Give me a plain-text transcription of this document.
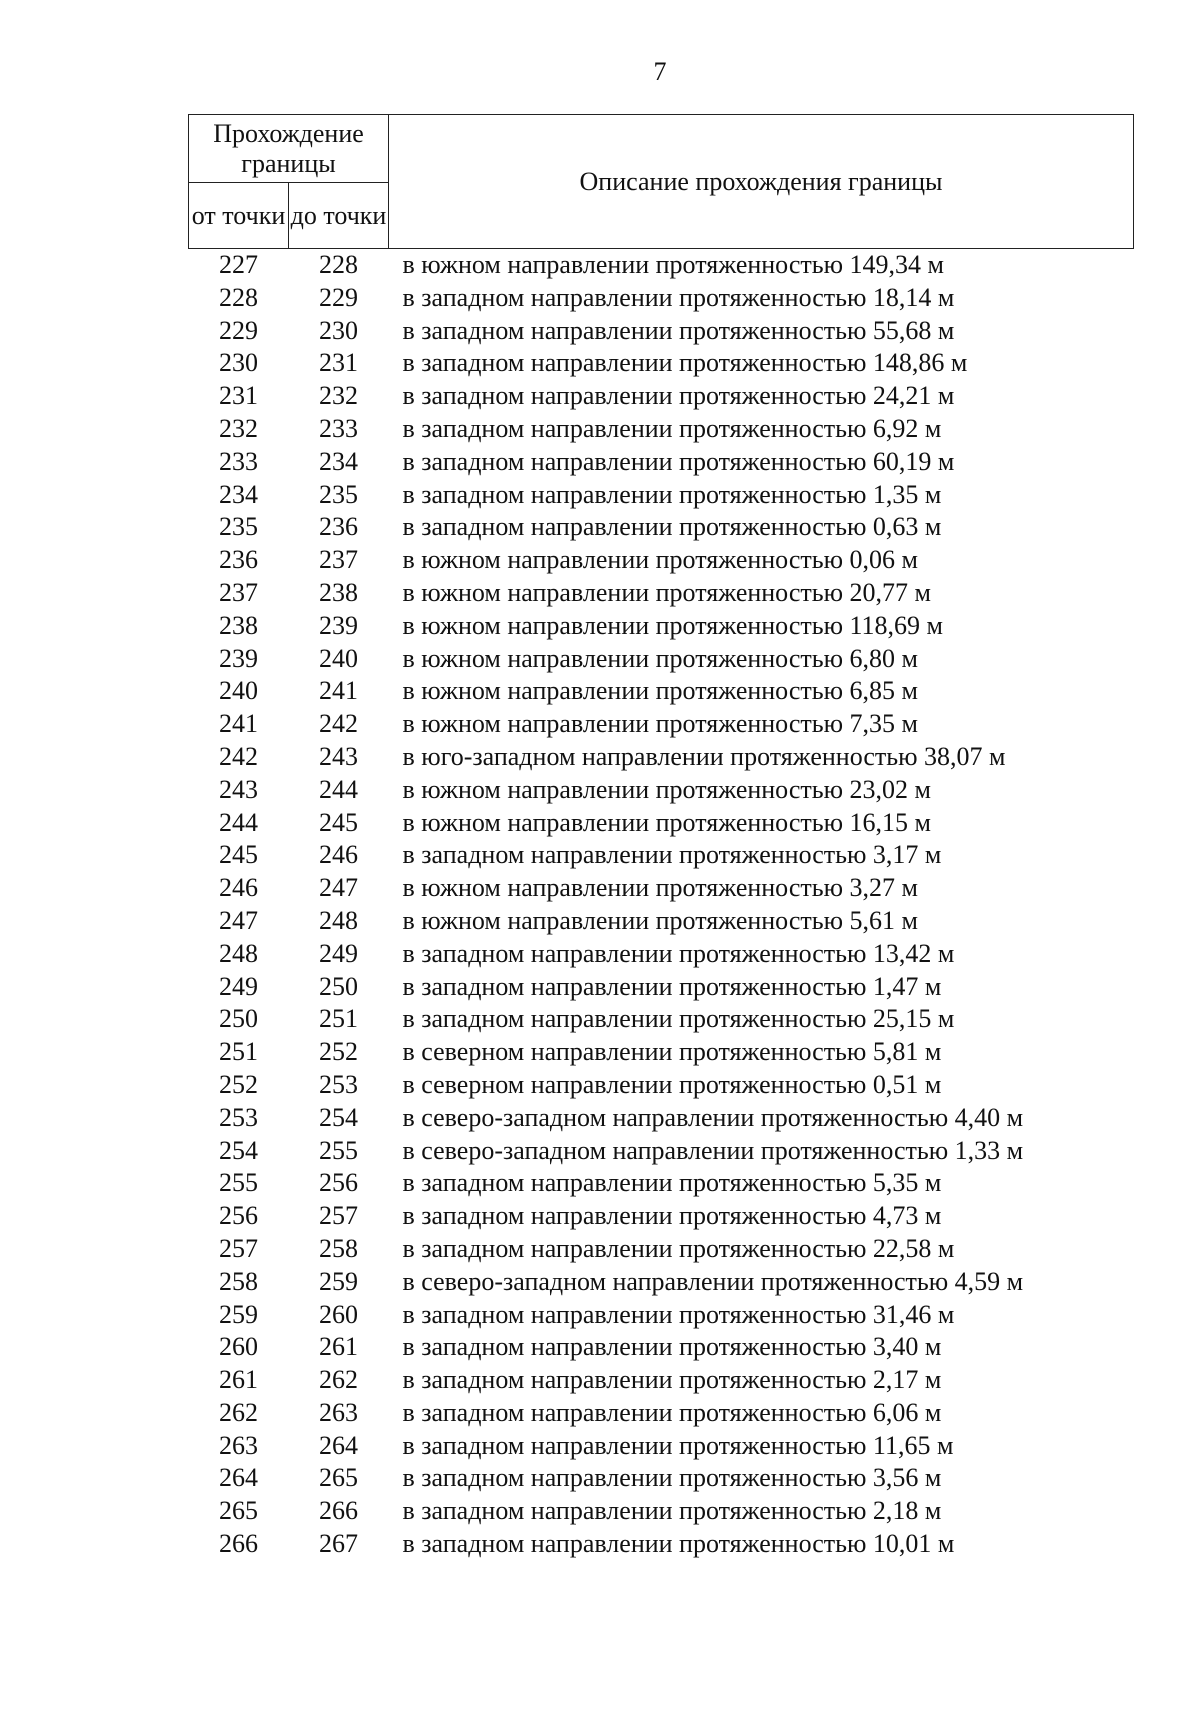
7
Прохождение границы		Описание прохождения границы
от точки	до точки	
227	228	в южном направлении протяженностью 149,34 м
228	229	в западном направлении протяженностью 18,14 м
229	230	в западном направлении протяженностью 55,68 м
230	231	в западном направлении протяженностью 148,86 м
231	232	в западном направлении протяженностью 24,21 м
232	233	в западном направлении протяженностью 6,92 м
233	234	в западном направлении протяженностью 60,19 м
234	235	в западном направлении протяженностью 1,35 м
235	236	в западном направлении протяженностью 0,63 м
236	237	в южном направлении протяженностью 0,06 м
237	238	в южном направлении протяженностью 20,77 м
238	239	в южном направлении протяженностью 118,69 м
239	240	в южном направлении протяженностью 6,80 м
240	241	в южном направлении протяженностью 6,85 м
241	242	в южном направлении протяженностью 7,35 м
242	243	в юго-западном направлении протяженностью 38,07 м
243	244	в южном направлении протяженностью 23,02 м
244	245	в южном направлении протяженностью 16,15 м
245	246	в западном направлении протяженностью 3,17 м
246	247	в южном направлении протяженностью 3,27 м
247	248	в южном направлении протяженностью 5,61 м
248	249	в западном направлении протяженностью 13,42 м
249	250	в западном направлении протяженностью 1,47 м
250	251	в западном направлении протяженностью 25,15 м
251	252	в северном направлении протяженностью 5,81 м
252	253	в северном направлении протяженностью 0,51 м
253	254	в северо-западном направлении протяженностью 4,40 м
254	255	в северо-западном направлении протяженностью 1,33 м
255	256	в западном направлении протяженностью 5,35 м
256	257	в западном направлении протяженностью 4,73 м
257	258	в западном направлении протяженностью 22,58 м
258	259	в северо-западном направлении протяженностью 4,59 м
259	260	в западном направлении протяженностью 31,46 м
260	261	в западном направлении протяженностью 3,40 м
261	262	в западном направлении протяженностью 2,17 м
262	263	в западном направлении протяженностью 6,06 м
263	264	в западном направлении протяженностью 11,65 м
264	265	в западном направлении протяженностью 3,56 м
265	266	в западном направлении протяженностью 2,18 м
266	267	в западном направлении протяженностью 10,01 м
